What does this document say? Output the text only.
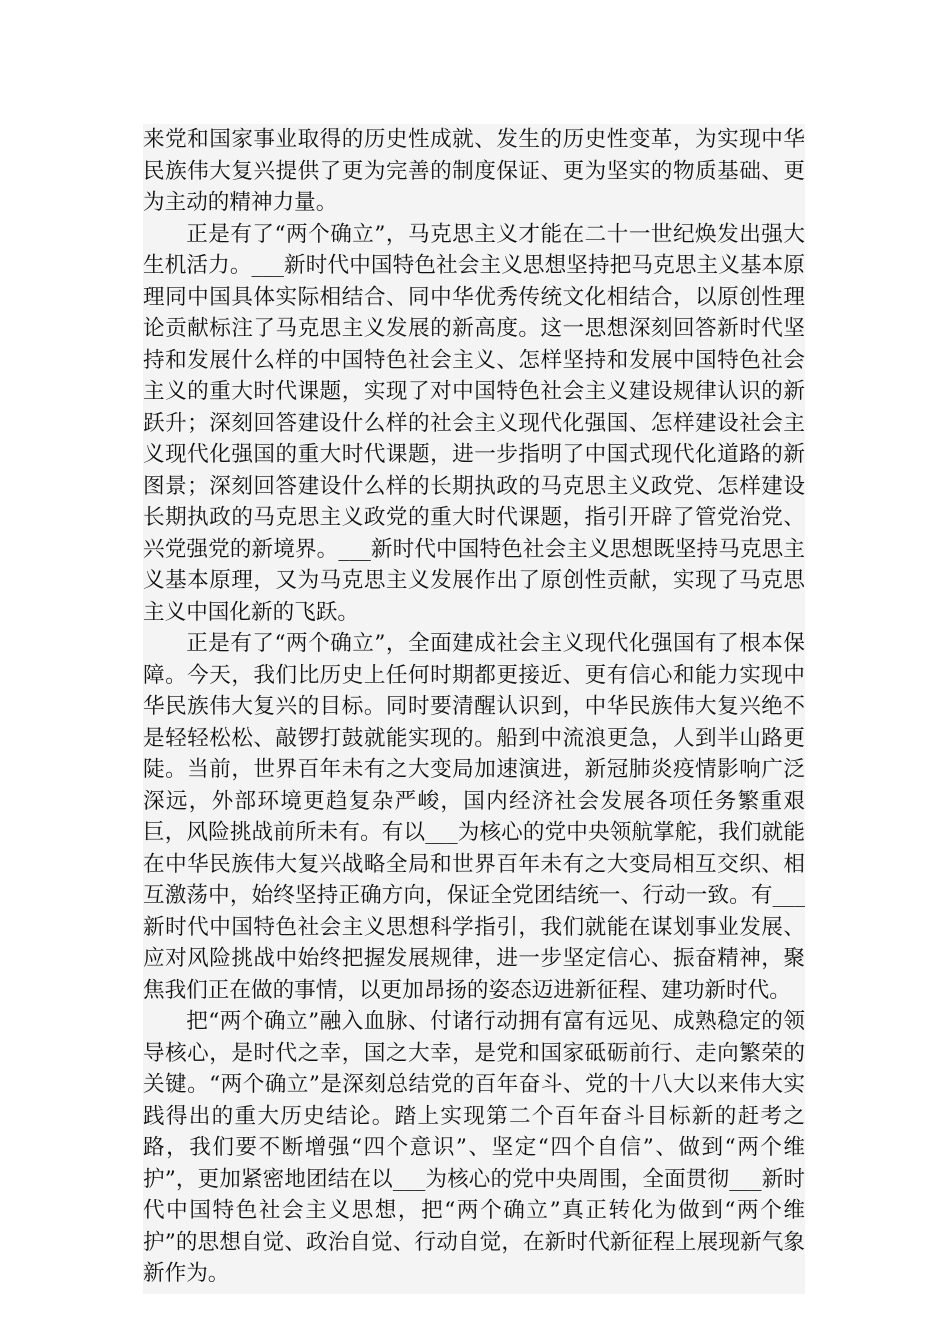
来党和国家事业取得的历史性成就、发生的历史性变革，为实现中华民族伟大复兴提供了更为完善的制度保证、更为坚实的物质基础、更为主动的精神力量。

正是有了“两个确立”，马克思主义才能在二十一世纪焕发出强大生机活力。___新时代中国特色社会主义思想坚持把马克思主义基本原理同中国具体实际相结合、同中华优秀传统文化相结合，以原创性理论贡献标注了马克思主义发展的新高度。这一思想深刻回答新时代坚持和发展什么样的中国特色社会主义、怎样坚持和发展中国特色社会主义的重大时代课题，实现了对中国特色社会主义建设规律认识的新跃升；深刻回答建设什么样的社会主义现代化强国、怎样建设社会主义现代化强国的重大时代课题，进一步指明了中国式现代化道路的新图景；深刻回答建设什么样的长期执政的马克思主义政党、怎样建设长期执政的马克思主义政党的重大时代课题，指引开辟了管党治党、兴党强党的新境界。___新时代中国特色社会主义思想既坚持马克思主义基本原理，又为马克思主义发展作出了原创性贡献，实现了马克思主义中国化新的飞跃。

正是有了“两个确立”，全面建成社会主义现代化强国有了根本保障。今天，我们比历史上任何时期都更接近、更有信心和能力实现中华民族伟大复兴的目标。同时要清醒认识到，中华民族伟大复兴绝不是轻轻松松、敲锣打鼓就能实现的。船到中流浪更急，人到半山路更陡。当前，世界百年未有之大变局加速演进，新冠肺炎疫情影响广泛深远，外部环境更趋复杂严峻，国内经济社会发展各项任务繁重艰巨，风险挑战前所未有。有以___为核心的党中央领航掌舵，我们就能在中华民族伟大复兴战略全局和世界百年未有之大变局相互交织、相互激荡中，始终坚持正确方向，保证全党团结统一、行动一致。有___新时代中国特色社会主义思想科学指引，我们就能在谋划事业发展、应对风险挑战中始终把握发展规律，进一步坚定信心、振奋精神，聚焦我们正在做的事情，以更加昂扬的姿态迈进新征程、建功新时代。

把“两个确立”融入血脉、付诸行动拥有富有远见、成熟稳定的领导核心，是时代之幸，国之大幸，是党和国家砥砺前行、走向繁荣的关键。“两个确立”是深刻总结党的百年奋斗、党的十八大以来伟大实践得出的重大历史结论。踏上实现第二个百年奋斗目标新的赶考之路，我们要不断增强“四个意识”、坚定“四个自信”、做到“两个维护”，更加紧密地团结在以___为核心的党中央周围，全面贯彻___新时代中国特色社会主义思想，把“两个确立”真正转化为做到“两个维护”的思想自觉、政治自觉、行动自觉，在新时代新征程上展现新气象新作为。
